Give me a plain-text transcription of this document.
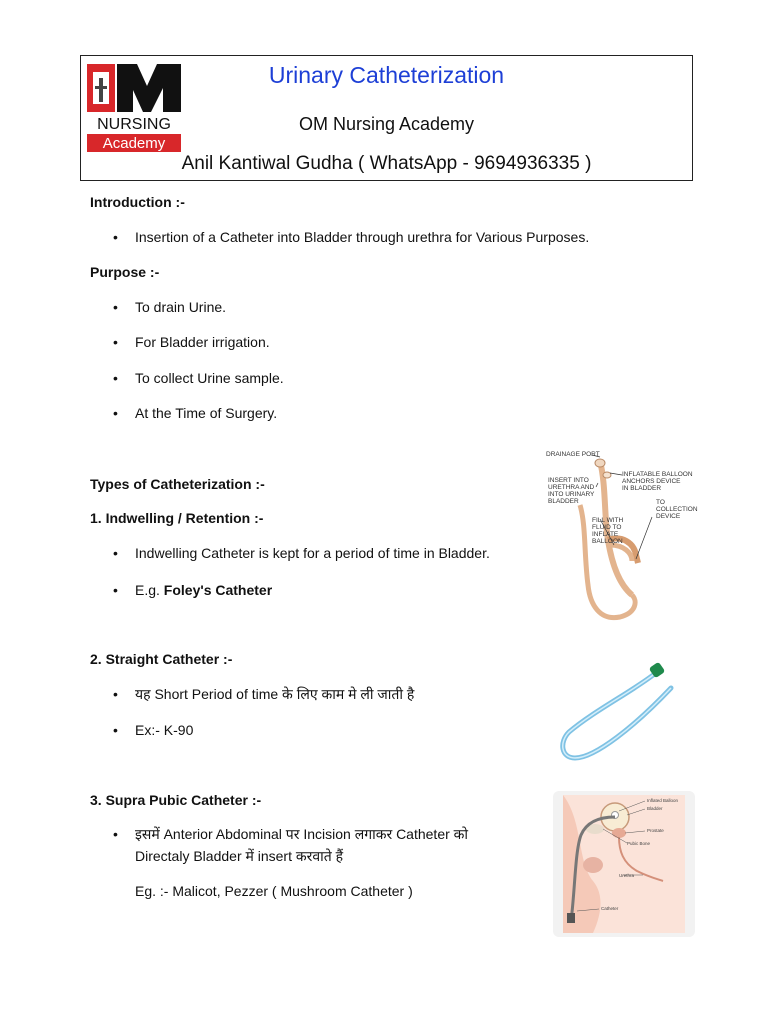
NURSING
Academy
Urinary Catheterization
OM Nursing Academy
Anil Kantiwal Gudha ( WhatsApp - 9694936335 )
Introduction :-
• Insertion of a Catheter into Bladder through urethra for Various Purposes.
Purpose :-
• To drain Urine.
• For Bladder irrigation.
• To collect Urine sample.
• At the Time of Surgery.
Types of Catheterization :-
1. Indwelling / Retention :-
• Indwelling Catheter is kept for a period of time in Bladder.
• E.g. Foley's Catheter
2. Straight Catheter :-
• यह Short Period of time के लिए काम मे ली जाती है
• Ex:- K-90
3. Supra Pubic Catheter :-
• इसमें Anterior Abdominal पर Incision लगाकर Catheter को
Directaly Bladder में insert करवाते हैं
Eg. :- Malicot, Pezzer ( Mushroom Catheter )
DRAINAGE PORT
INSERT INTO
URETHRA AND
INTO URINARY
BLADDER
INFLATABLE BALLOON
ANCHORS DEVICE
IN BLADDER
FILL WITH
FLUID TO
INFLATE
BALLOON
TO
COLLECTION
DEVICE
Inflated Balloon
Bladder
Prostate
Pubic Bone
Urethra
Catheter
